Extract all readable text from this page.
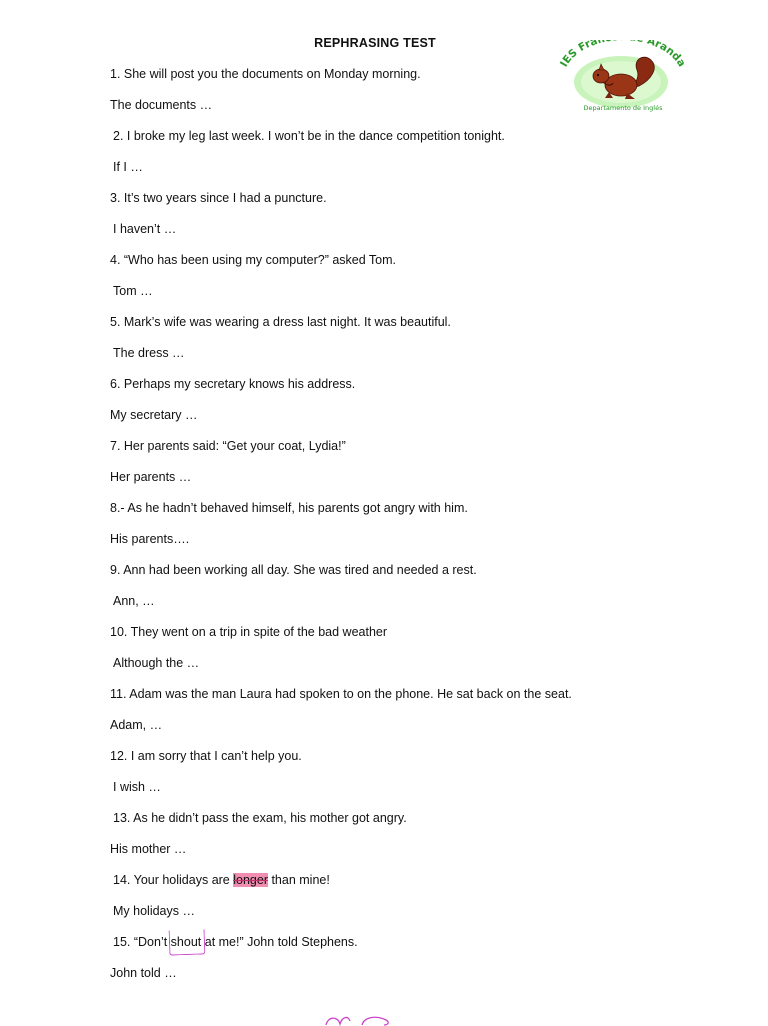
REPHRASING TEST
IES Fra Aranda
Departamento de Inglés
1. She will post you the documents on Monday morning.
The documents …
2. I broke my leg last week. I won’t be in the dance competition tonight.
If I …
3. It’s two years since I had a puncture.
I haven’t …
4. “Who has been using my computer?” asked Tom.
Tom …
5. Mark’s wife was wearing a dress last night. It was beautiful.
The dress …
6. Perhaps my secretary knows his address.
My secretary …
7. Her parents said: “Get your coat, Lydia!”
Her parents …
8.- As he hadn’t behaved himself, his parents got angry with him.
His parents….
9. Ann had been working all day. She was tired and needed a rest.
Ann, …
10. They went on a trip in spite of the bad weather
Although the …
11. Adam was the man Laura had spoken to on the phone. He sat back on the seat.
Adam, …
12. I am sorry that I can’t help you.
I wish …
13. As he didn’t pass the exam, his mother got angry.
His mother …
14. Your holidays are longer than mine!
My holidays …
15. “Don’t shout at me!” John told Stephens.
John told …
